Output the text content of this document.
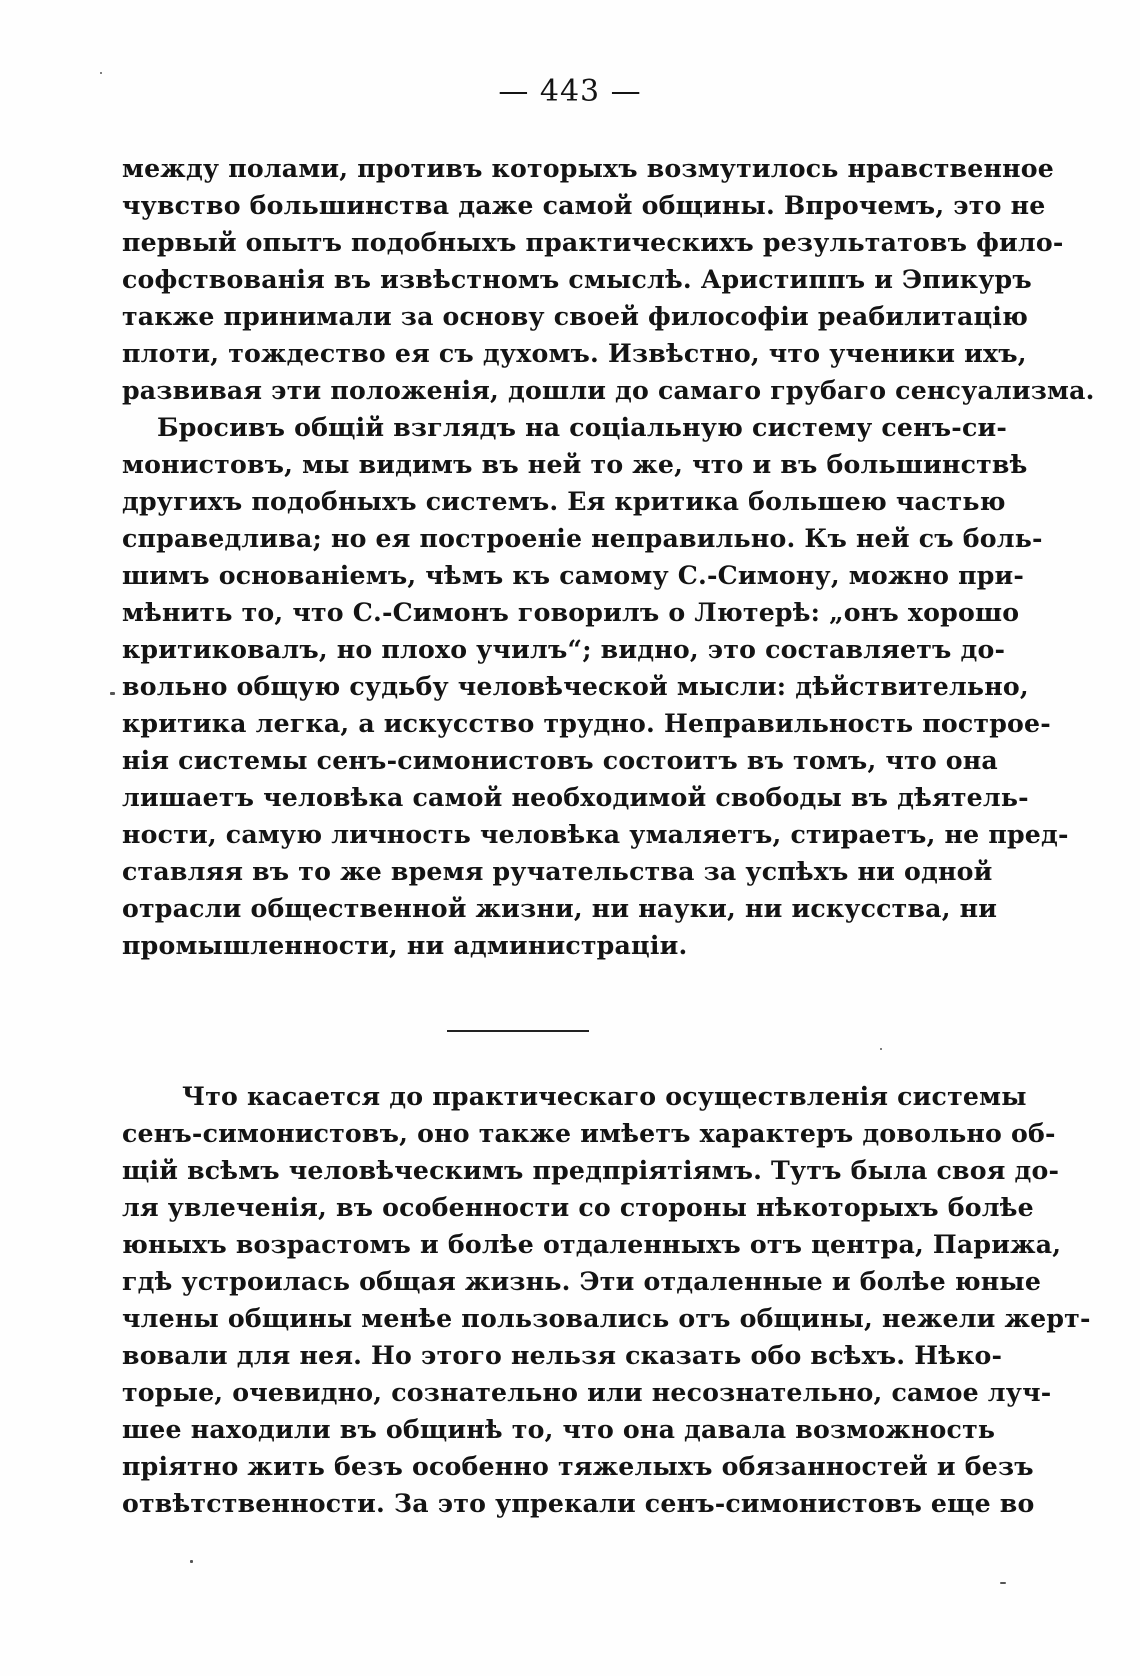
— 443 —
между полами, противъ которыхъ возмутилось нравственное
чувство большинства даже самой общины. Впрочемъ, это не
первый опытъ подобныхъ практическихъ результатовъ фило-
софствованія въ извѣстномъ смыслѣ. Аристиппъ и Эпикуръ
также принимали за основу своей философіи реабилитацію
плоти, тождество ея съ духомъ. Извѣстно, что ученики ихъ,
развивая эти положенія, дошли до самаго грубаго сенсуализма.
Бросивъ общій взглядъ на соціальную систему сенъ-си-
монистовъ, мы видимъ въ ней то же, что и въ большинствѣ
другихъ подобныхъ системъ. Ея критика большею частью
справедлива; но ея построеніе неправильно. Къ ней съ боль-
шимъ основаніемъ, чѣмъ къ самому С.-Симону, можно при-
мѣнить то, что С.-Симонъ говорилъ о Лютерѣ: „онъ хорошо
критиковалъ, но плохо училъ“; видно, это составляетъ до-
вольно общую судьбу человѣческой мысли: дѣйствительно,
критика легка, а искусство трудно. Неправильность построе-
нія системы сенъ-симонистовъ состоитъ въ томъ, что она
лишаетъ человѣка самой необходимой свободы въ дѣятель-
ности, самую личность человѣка умаляетъ, стираетъ, не пред-
ставляя въ то же время ручательства за успѣхъ ни одной
отрасли общественной жизни, ни науки, ни искусства, ни
промышленности, ни администраціи.
Что касается до практическаго осуществленія системы
сенъ-симонистовъ, оно также имѣетъ характеръ довольно об-
щій всѣмъ человѣческимъ предпріятіямъ. Тутъ была своя до-
ля увлеченія, въ особенности со стороны нѣкоторыхъ болѣе
юныхъ возрастомъ и болѣе отдаленныхъ отъ центра, Парижа,
гдѣ устроилась общая жизнь. Эти отдаленные и болѣе юные
члены общины менѣе пользовались отъ общины, нежели жерт-
вовали для нея. Но этого нельзя сказать обо всѣхъ. Нѣко-
торые, очевидно, сознательно или несознательно, самое луч-
шее находили въ общинѣ то, что она давала возможность
пріятно жить безъ особенно тяжелыхъ обязанностей и безъ
отвѣтственности. За это упрекали сенъ-симонистовъ еще во
